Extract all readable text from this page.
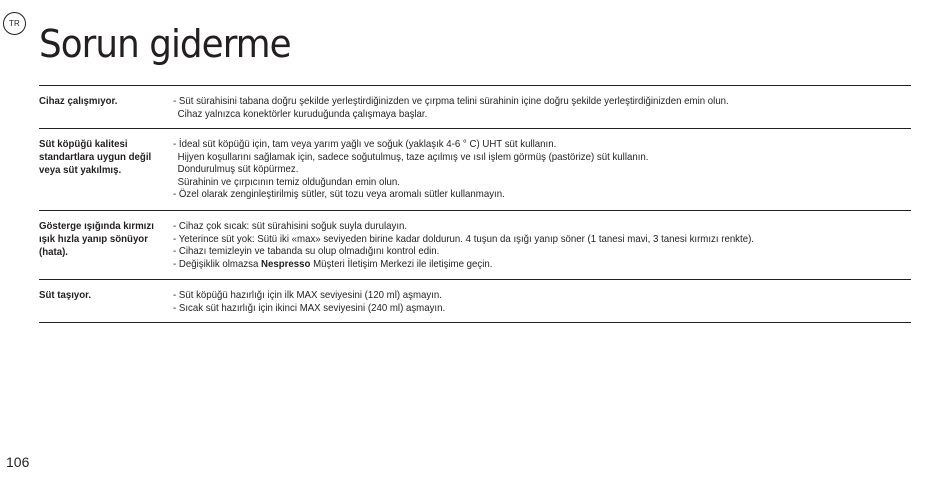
TR Sorun giderme
Cihaz çalışmıyor.	- Süt sürahisini tabana doğru şekilde yerleştirdiğinizden ve çırpma telini sürahinin içine doğru şekilde yerleştirdiğinizden emin olun.
Cihaz yalnızca konektörler kuruduğunda çalışmaya başlar.
Süt köpüğü kalitesi standartlara uygun değil veya süt yakılmış.
- İdeal süt köpüğü için, tam veya yarım yağlı ve soğuk (yaklaşık 4-6 ° C) UHT süt kullanın.
Hijyen koşullarını sağlamak için, sadece soğutulmuş, taze açılmış ve ısıl işlem görmüş (pastörize) süt kullanın.
Dondurulmuş süt köpürmez.
Sürahinin ve çırpıcının temiz olduğundan emin olun.
- Özel olarak zenginleştirilmiş sütler, süt tozu veya aromalı sütler kullanmayın.
Gösterge ışığında kırmızı ışık hızla yanıp sönüyor (hata).
- Cihaz çok sıcak: süt sürahisini soğuk suyla durulayın.
- Yeterince süt yok: Sütü iki «max» seviyeden birine kadar doldurun. 4 tuşun da ışığı yanıp söner (1 tanesi mavi, 3 tanesi kırmızı renkte).
- Cihazı temizleyin ve tabanda su olup olmadığını kontrol edin.
- Değişiklik olmazsa Nespresso Müşteri İletişim Merkezi ile iletişime geçin.
Süt taşıyor.	- Süt köpüğü hazırlığı için ilk MAX seviyesini (120 ml) aşmayın.
- Sıcak süt hazırlığı için ikinci MAX seviyesini (240 ml) aşmayın.
106
